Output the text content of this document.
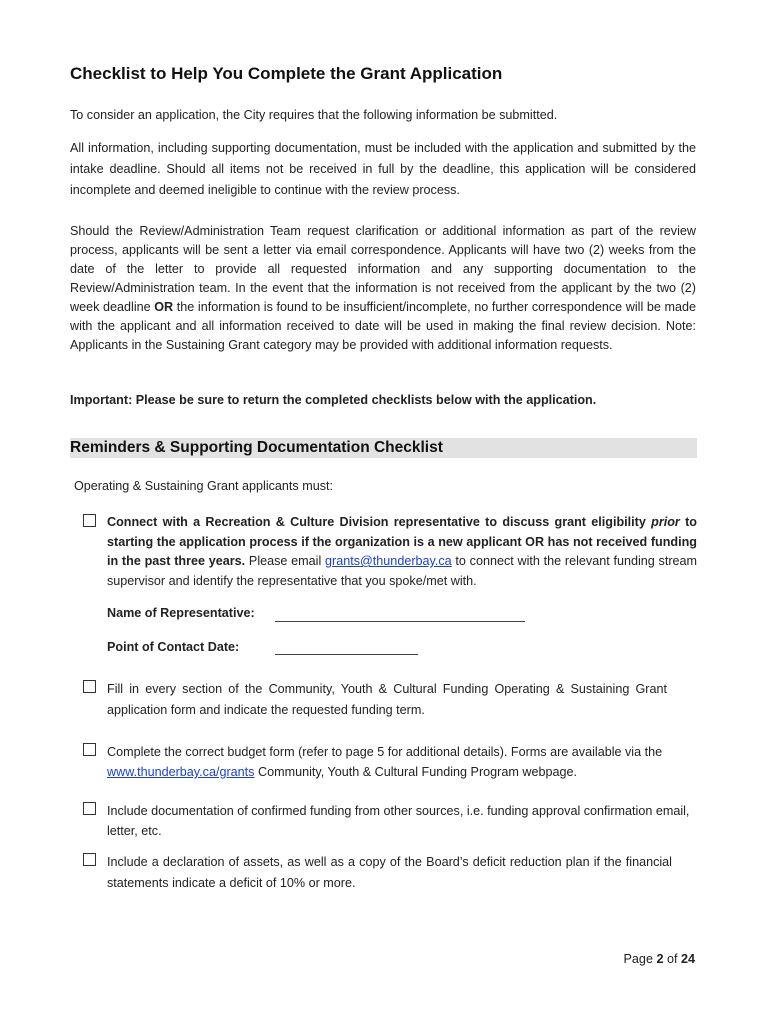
Checklist to Help You Complete the Grant Application
To consider an application, the City requires that the following information be submitted.
All information, including supporting documentation, must be included with the application and submitted by the intake deadline. Should all items not be received in full by the deadline, this application will be considered incomplete and deemed ineligible to continue with the review process.
Should the Review/Administration Team request clarification or additional information as part of the review process, applicants will be sent a letter via email correspondence. Applicants will have two (2) weeks from the date of the letter to provide all requested information and any supporting documentation to the Review/Administration team. In the event that the information is not received from the applicant by the two (2) week deadline OR the information is found to be insufficient/incomplete, no further correspondence will be made with the applicant and all information received to date will be used in making the final review decision. Note: Applicants in the Sustaining Grant category may be provided with additional information requests.
Important: Please be sure to return the completed checklists below with the application.
Reminders & Supporting Documentation Checklist
Operating & Sustaining Grant applicants must:
Connect with a Recreation & Culture Division representative to discuss grant eligibility prior to starting the application process if the organization is a new applicant OR has not received funding in the past three years. Please email grants@thunderbay.ca to connect with the relevant funding stream supervisor and identify the representative that you spoke/met with.
Name of Representative:
Point of Contact Date:
Fill in every section of the Community, Youth & Cultural Funding Operating & Sustaining Grant application form and indicate the requested funding term.
Complete the correct budget form (refer to page 5 for additional details). Forms are available via the www.thunderbay.ca/grants Community, Youth & Cultural Funding Program webpage.
Include documentation of confirmed funding from other sources, i.e. funding approval confirmation email, letter, etc.
Include a declaration of assets, as well as a copy of the Board’s deficit reduction plan if the financial statements indicate a deficit of 10% or more.
Page 2 of 24
